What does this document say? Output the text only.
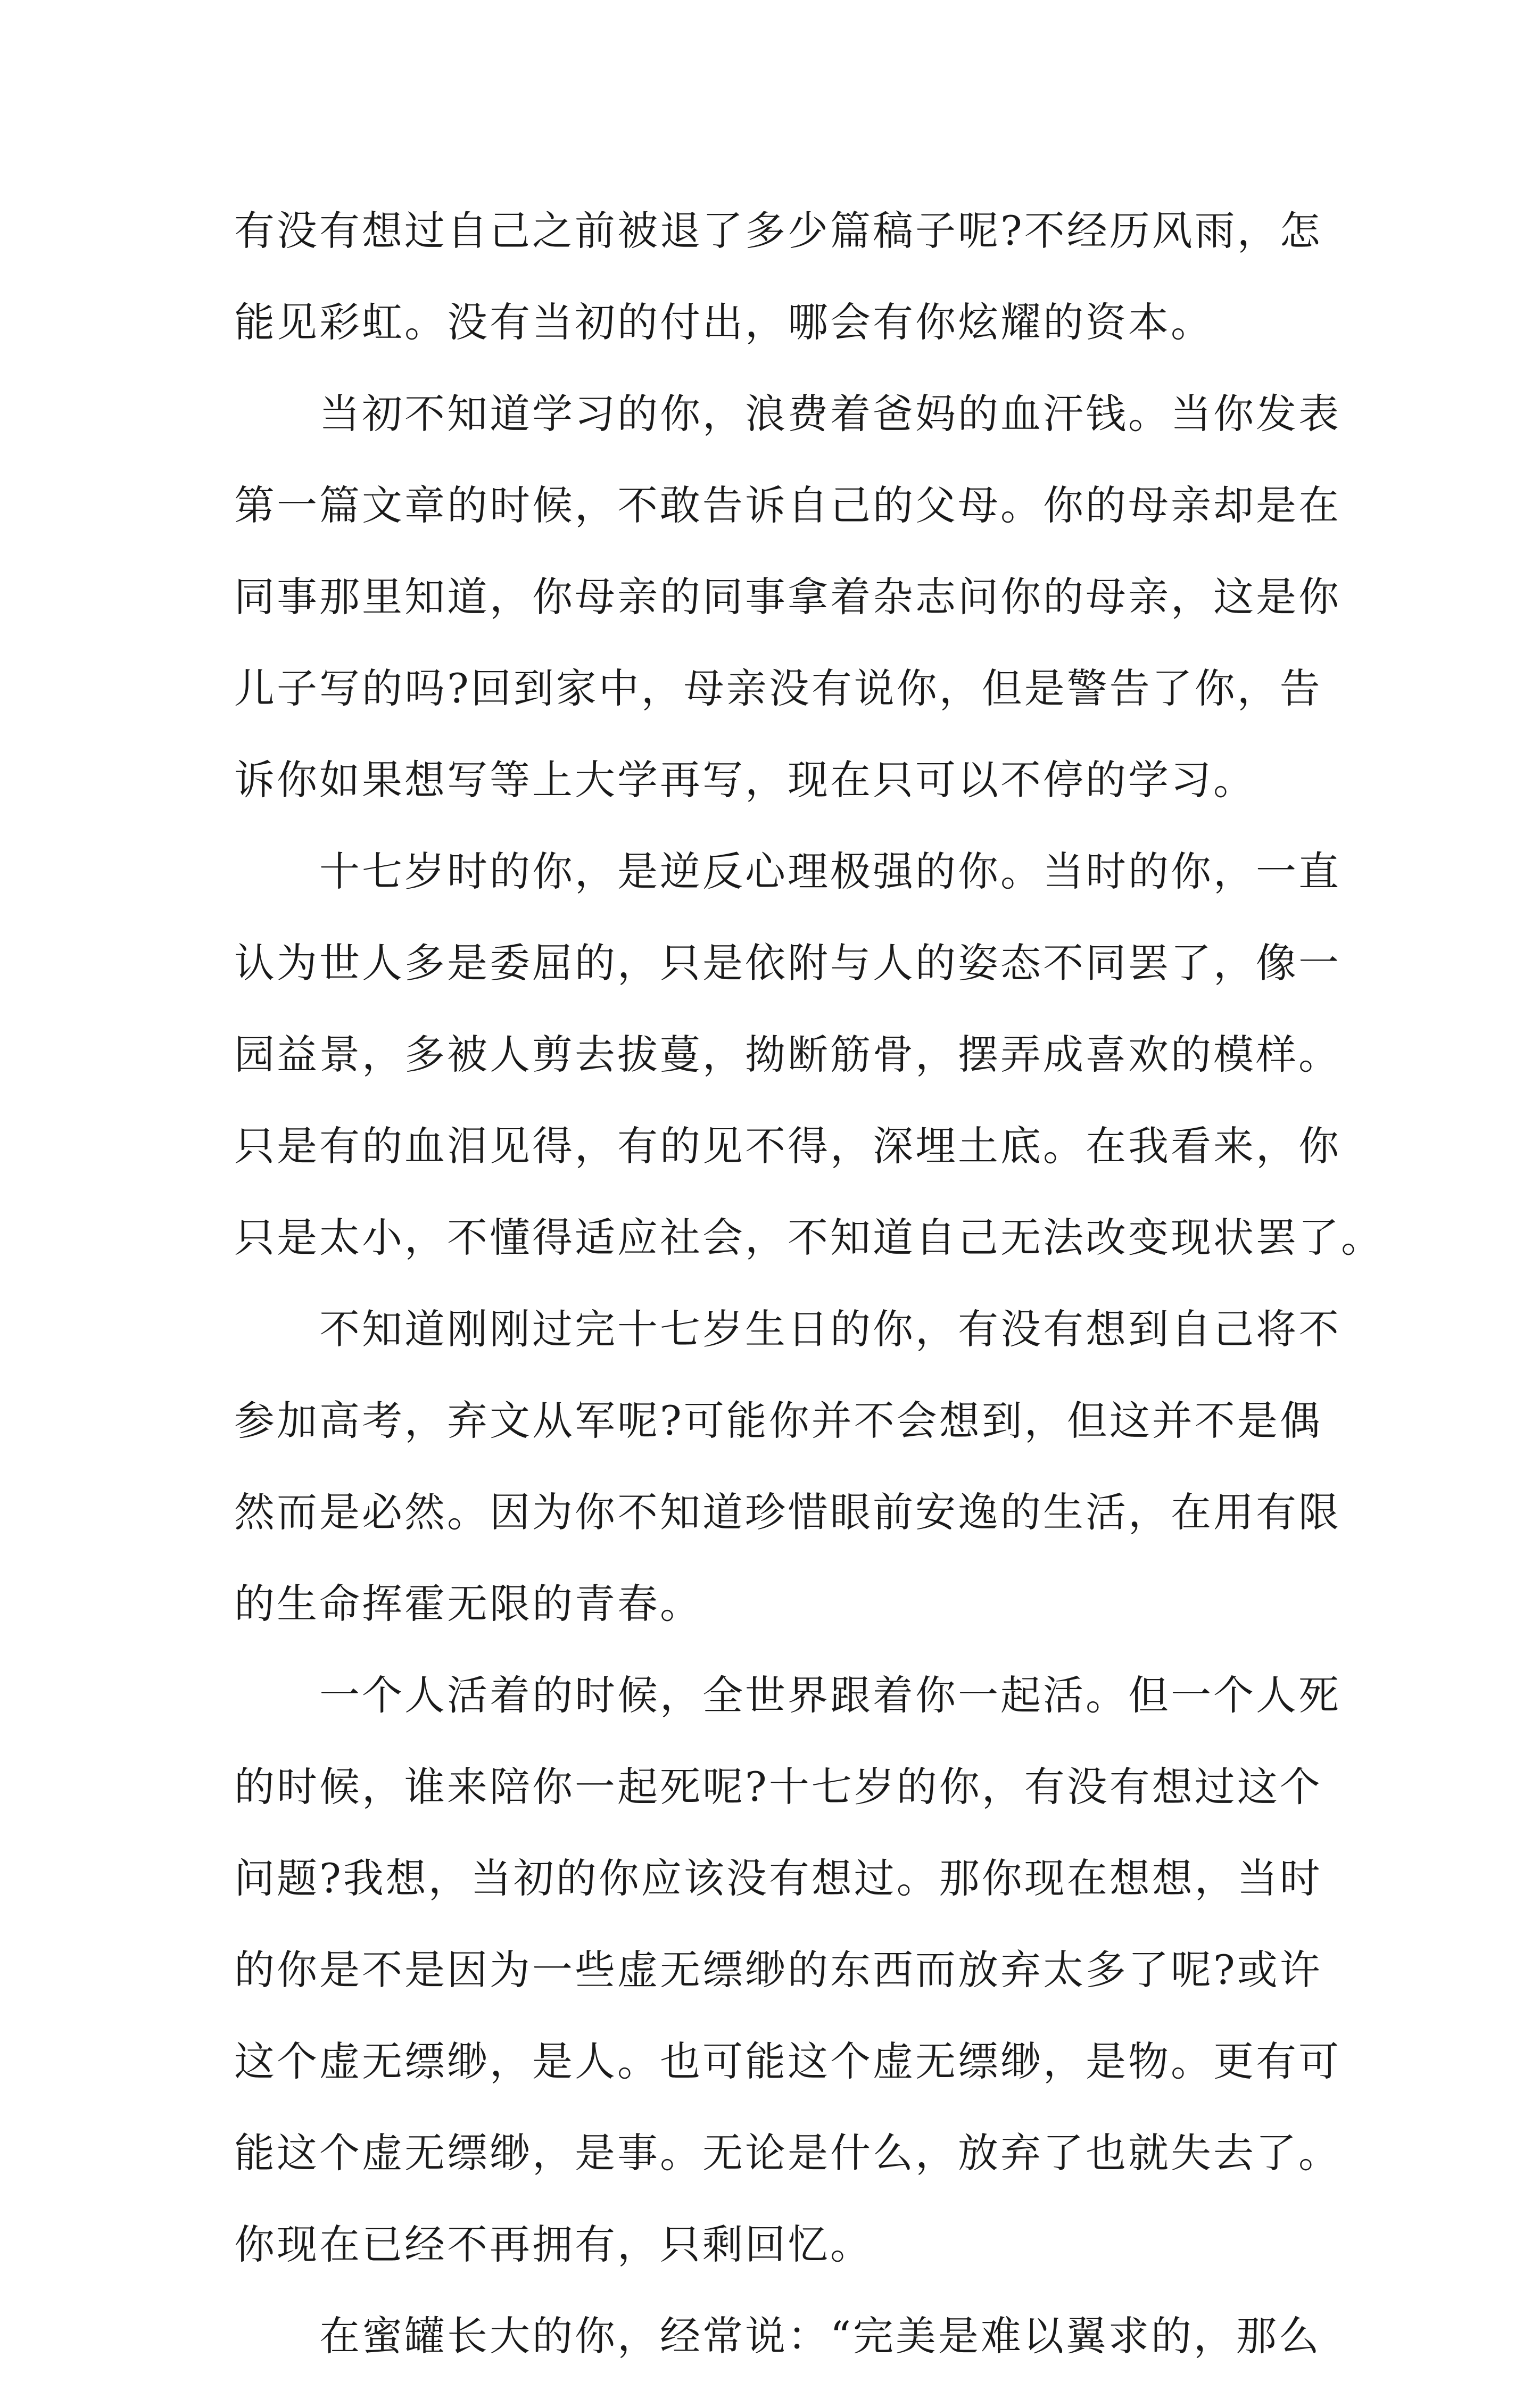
有没有想过自己之前被退了多少篇稿子呢?不经历风雨，怎
能见彩虹。没有当初的付出，哪会有你炫耀的资本。
当初不知道学习的你，浪费着爸妈的血汗钱。当你发表
第一篇文章的时候，不敢告诉自己的父母。你的母亲却是在
同事那里知道，你母亲的同事拿着杂志问你的母亲，这是你
儿子写的吗?回到家中，母亲没有说你，但是警告了你，告
诉你如果想写等上大学再写，现在只可以不停的学习。
十七岁时的你，是逆反心理极强的你。当时的你，一直
认为世人多是委屈的，只是依附与人的姿态不同罢了，像一
园益景，多被人剪去拔蔓，拗断筋骨，摆弄成喜欢的模样。
只是有的血泪见得，有的见不得，深埋土底。在我看来，你
只是太小，不懂得适应社会，不知道自己无法改变现状罢了。
不知道刚刚过完十七岁生日的你，有没有想到自己将不
参加高考，弃文从军呢?可能你并不会想到，但这并不是偶
然而是必然。因为你不知道珍惜眼前安逸的生活，在用有限
的生命挥霍无限的青春。
一个人活着的时候，全世界跟着你一起活。但一个人死
的时候，谁来陪你一起死呢?十七岁的你，有没有想过这个
问题?我想，当初的你应该没有想过。那你现在想想，当时
的你是不是因为一些虚无缥缈的东西而放弃太多了呢?或许
这个虚无缥缈，是人。也可能这个虚无缥缈，是物。更有可
能这个虚无缥缈，是事。无论是什么，放弃了也就失去了。
你现在已经不再拥有，只剩回忆。
在蜜罐长大的你，经常说：“完美是难以翼求的，那么
